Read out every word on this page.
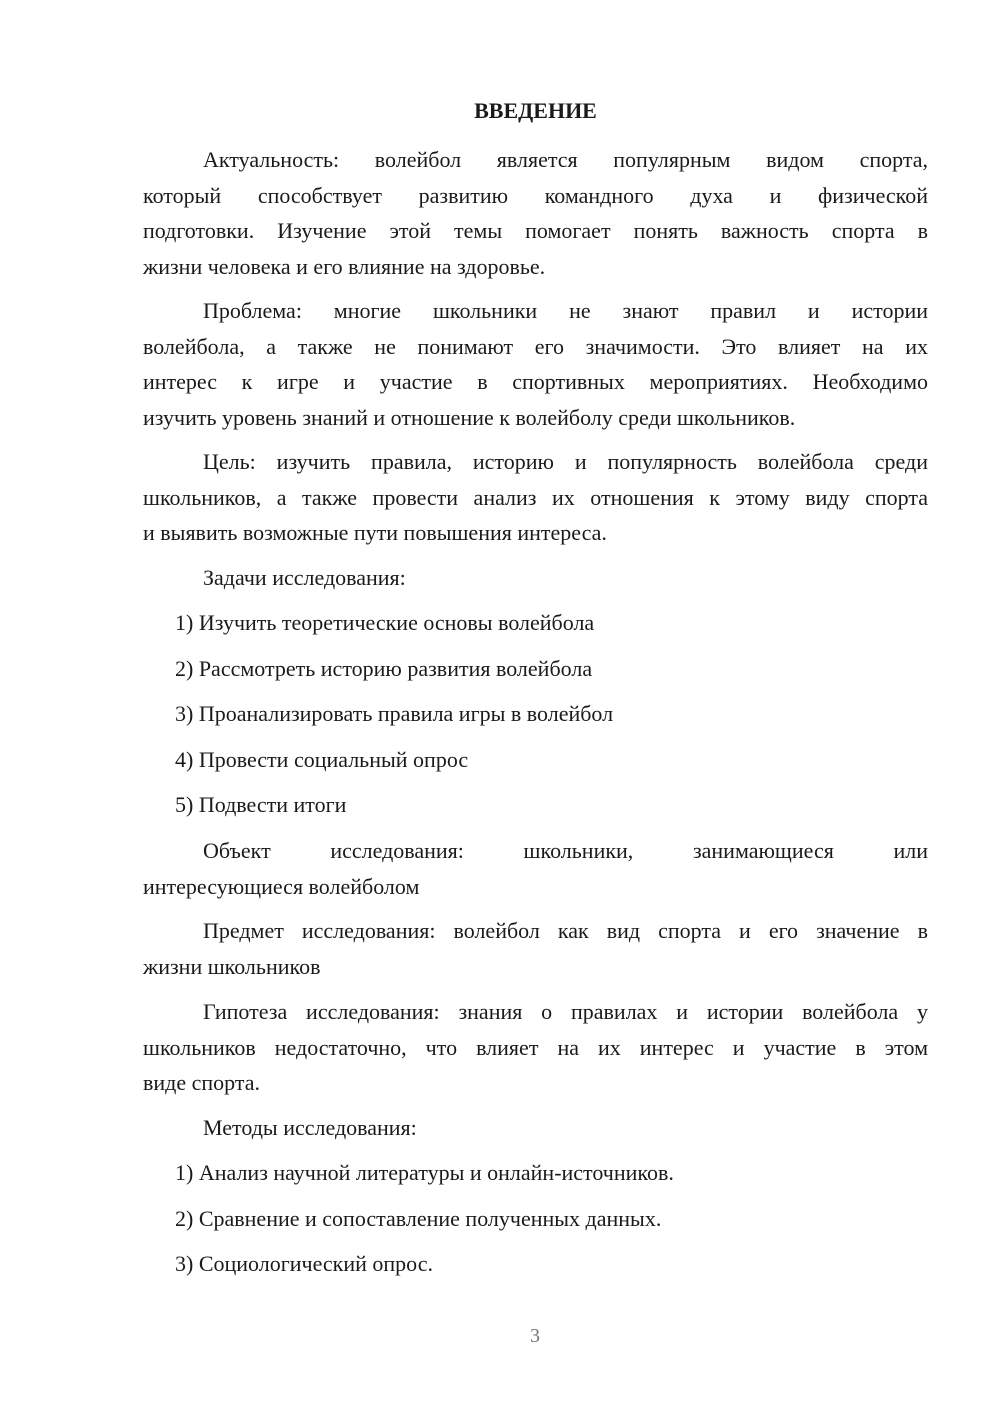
ВВЕДЕНИЕ

Актуальность: волейбол является популярным видом спорта,
который способствует развитию командного духа и физической
подготовки. Изучение этой темы помогает понять важность спорта в
жизни человека и его влияние на здоровье.

Проблема: многие школьники не знают правил и истории
волейбола, а также не понимают его значимости. Это влияет на их
интерес к игре и участие в спортивных мероприятиях. Необходимо
изучить уровень знаний и отношение к волейболу среди школьников.

Цель: изучить правила, историю и популярность волейбола среди
школьников, а также провести анализ их отношения к этому виду спорта
и выявить возможные пути повышения интереса.

Задачи исследования:

1) Изучить теоретические основы волейбола

2) Рассмотреть историю развития волейбола

3) Проанализировать правила игры в волейбол

4) Провести социальный опрос

5) Подвести итоги

Объект исследования: школьники, занимающиеся или
интересующиеся волейболом

Предмет исследования: волейбол как вид спорта и его значение в
жизни школьников

Гипотеза исследования: знания о правилах и истории волейбола у
школьников недостаточно, что влияет на их интерес и участие в этом
виде спорта.

Методы исследования:

1) Анализ научной литературы и онлайн-источников.

2) Сравнение и сопоставление полученных данных.

3) Социологический опрос.

3
